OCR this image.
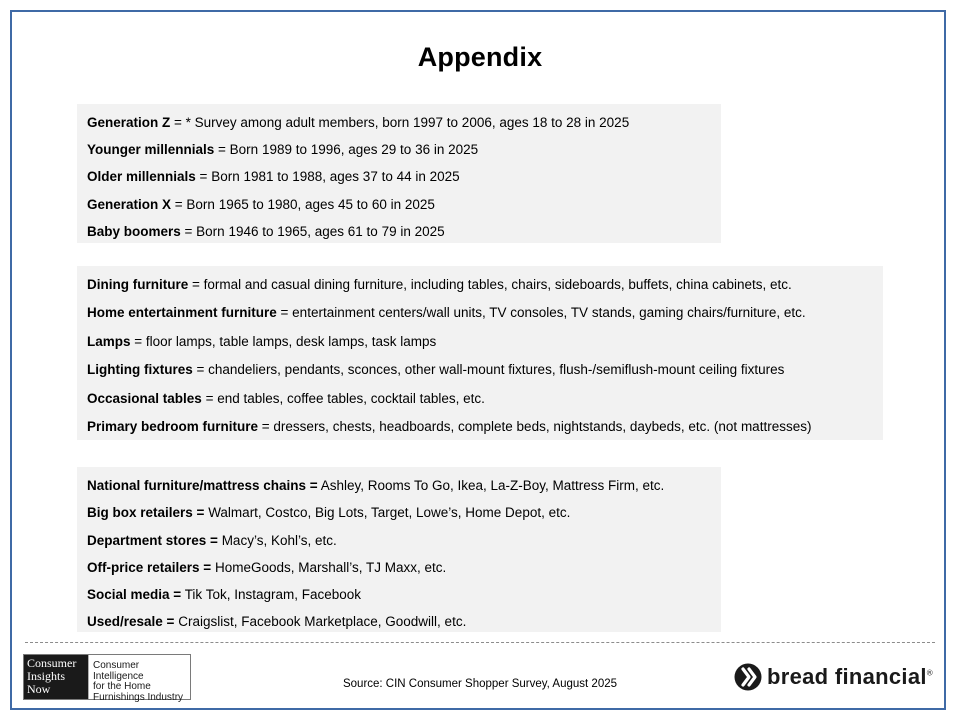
Appendix
Generation Z = * Survey among adult members, born 1997 to 2006, ages 18 to 28 in 2025
Younger millennials = Born 1989 to 1996, ages 29 to 36 in 2025
Older millennials = Born 1981 to 1988, ages 37 to 44 in 2025
Generation X = Born 1965 to 1980, ages 45 to 60 in 2025
Baby boomers = Born 1946 to 1965, ages 61 to 79 in 2025
Dining furniture = formal and casual dining furniture, including tables, chairs, sideboards, buffets, china cabinets, etc.
Home entertainment furniture = entertainment centers/wall units, TV consoles, TV stands, gaming chairs/furniture, etc.
Lamps = floor lamps, table lamps, desk lamps, task lamps
Lighting fixtures = chandeliers, pendants, sconces, other wall-mount fixtures, flush-/semiflush-mount ceiling fixtures
Occasional tables = end tables, coffee tables, cocktail tables, etc.
Primary bedroom furniture = dressers, chests, headboards, complete beds, nightstands, daybeds, etc. (not mattresses)
National furniture/mattress chains = Ashley, Rooms To Go, Ikea, La-Z-Boy, Mattress Firm, etc.
Big box retailers = Walmart, Costco, Big Lots, Target, Lowe’s, Home Depot, etc.
Department stores = Macy’s, Kohl’s, etc.
Off-price retailers = HomeGoods, Marshall’s, TJ Maxx, etc.
Social media = Tik Tok, Instagram, Facebook
Used/resale = Craigslist, Facebook Marketplace, Goodwill, etc.
Consumer
Insights
Now
Consumer Intelligence
for the Home
Furnishings Industry
Source: CIN Consumer Shopper Survey, August 2025	bread financial®
